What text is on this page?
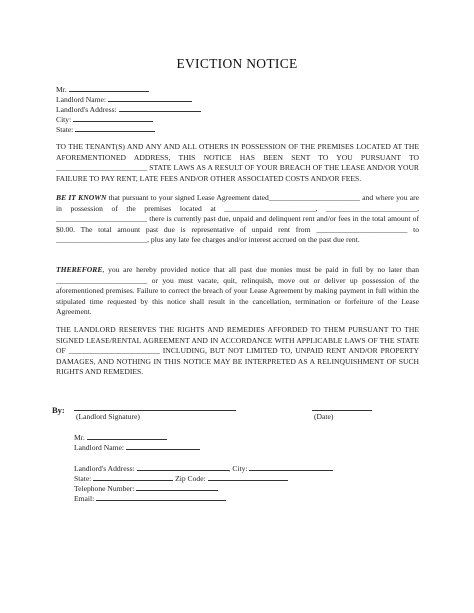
EVICTION NOTICE
Mr.
Landlord Name:
Landlord's Address:
City:
State:
TO THE TENANT(S) AND ANY AND ALL OTHERS IN POSSESSION OF THE PREMISES LOCATED AT THE AFOREMENTIONED ADDRESS, THIS NOTICE HAS BEEN SENT TO YOU PURSUANT TO ________________________ STATE LAWS AS A RESULT OF YOUR BREACH OF THE LEASE AND/OR YOUR FAILURE TO PAY RENT, LATE FEES AND/OR OTHER ASSOCIATED COSTS AND/OR FEES.
BE IT KNOWN that pursuant to your signed Lease Agreement dated________________________ and where you are in possession of the premises located at ________________________, ________________________, ________________________ there is currently past due, unpaid and delinquent rent and/or fees in the total amount of $0.00. The total amount past due is representative of unpaid rent from ________________________ to ________________________, plus any late fee charges and/or interest accrued on the past due rent.
THEREFORE, you are hereby provided notice that all past due monies must be paid in full by no later than ________________________ or you must vacate, quit, relinquish, move out or deliver up possession of the aforementioned premises. Failure to correct the breach of your Lease Agreement by making payment in full within the stipulated time requested by this notice shall result in the cancellation, termination or forfeiture of the Lease Agreement.
THE LANDLORD RESERVES THE RIGHTS AND REMEDIES AFFORDED TO THEM PURSUANT TO THE SIGNED LEASE/RENTAL AGREEMENT AND IN ACCORDANCE WITH APPLICABLE LAWS OF THE STATE OF ________________________ INCLUDING, BUT NOT LIMITED TO, UNPAID RENT AND/OR PROPERTY DAMAGES, AND NOTHING IN THIS NOTICE MAY BE INTERPRETED AS A RELINQUISHMENT OF SUCH RIGHTS AND REMEDIES.
By:
(Landlord Signature)	(Date)
Mr.
Landlord Name:
Landlord's Address:	, City:
State:	Zip Code:
Telephone Number:
Email:
